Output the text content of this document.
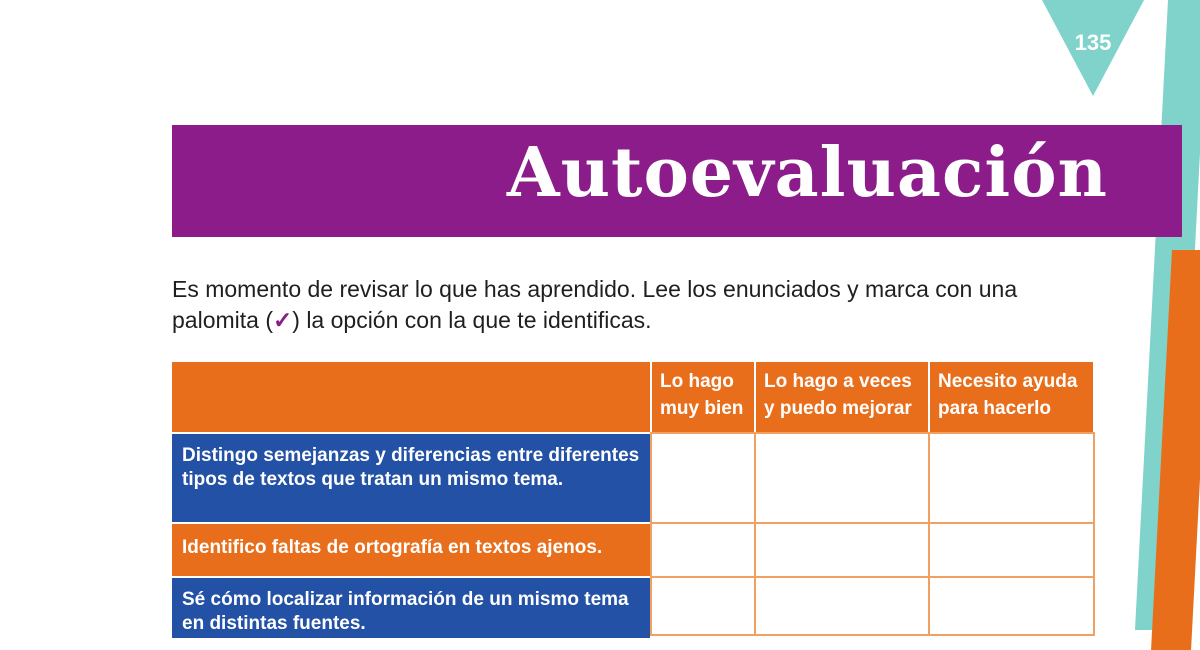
135
Autoevaluación
Es momento de revisar lo que has aprendido. Lee los enunciados y marca con una palomita (✓) la opción con la que te identificas.
Lo hago
muy bien
Lo hago a veces
y puedo mejorar
Necesito ayuda
para hacerlo
Distingo semejanzas y diferencias entre diferentes tipos de textos que tratan un mismo tema.
Identifico faltas de ortografía en textos ajenos.
Sé cómo localizar información de un mismo tema en distintas fuentes.
